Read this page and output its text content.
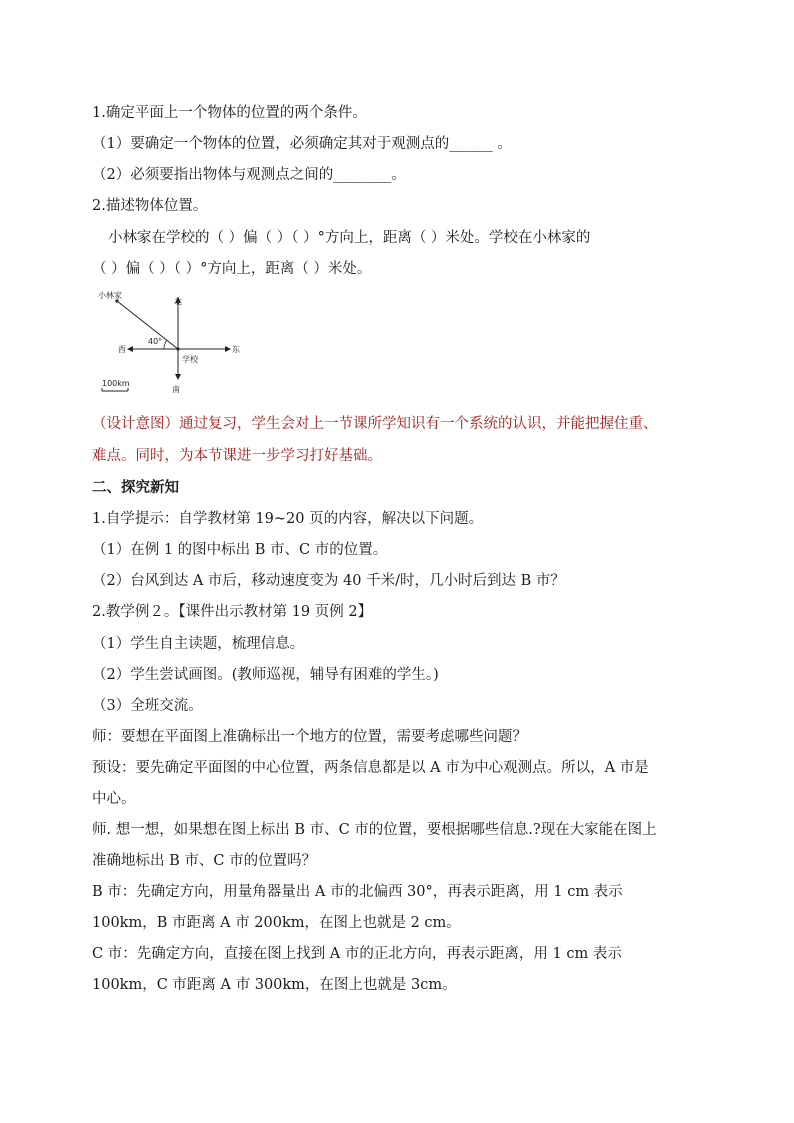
1.确定平面上一个物体的位置的两个条件。
（1）要确定一个物体的位置，必须确定其对于观测点的______ 。
（2）必须要指出物体与观测点之间的________。
2.描述物体位置。
小林家在学校的（ ）偏（ ）（ ）°方向上，距离（ ）米处。学校在小林家的
（ ）偏（ ）（ ）°方向上，距离（ ）米处。
小林家
北
南
东
西
学校
40°
100km
（设计意图）通过复习，学生会对上一节课所学知识有一个系统的认识，并能把握住重、
难点。同时，为本节课进一步学习打好基础。
二、探究新知
1.自学提示：自学教材第 19~20 页的内容，解决以下问题。
（1）在例 1 的图中标出 B 市、C 市的位置。
（2）台风到达 A 市后，移动速度变为 40 千米/时，几小时后到达 B 市？
2.教学例２。【课件出示教材第 19 页例 2】
（1）学生自主读题，梳理信息。
（2）学生尝试画图。(教师巡视，辅导有困难的学生。)
（3）全班交流。
师：要想在平面图上准确标出一个地方的位置，需要考虑哪些问题？
预设：要先确定平面图的中心位置，两条信息都是以 A 市为中心观测点。所以，A 市是
中心。
师. 想一想，如果想在图上标出 B 市、C 市的位置，要根据哪些信息.?现在大家能在图上
准确地标出 B 市、C 市的位置吗？
B 市：先确定方向，用量角器量出 A 市的北偏西 30°，再表示距离，用 1 cm 表示
100km，B 市距离 A 市 200km，在图上也就是 2 cm。
C 市：先确定方向，直接在图上找到 A 市的正北方向，再表示距离，用 1 cm 表示
100km，C 市距离 A 市 300km，在图上也就是 3cm。
